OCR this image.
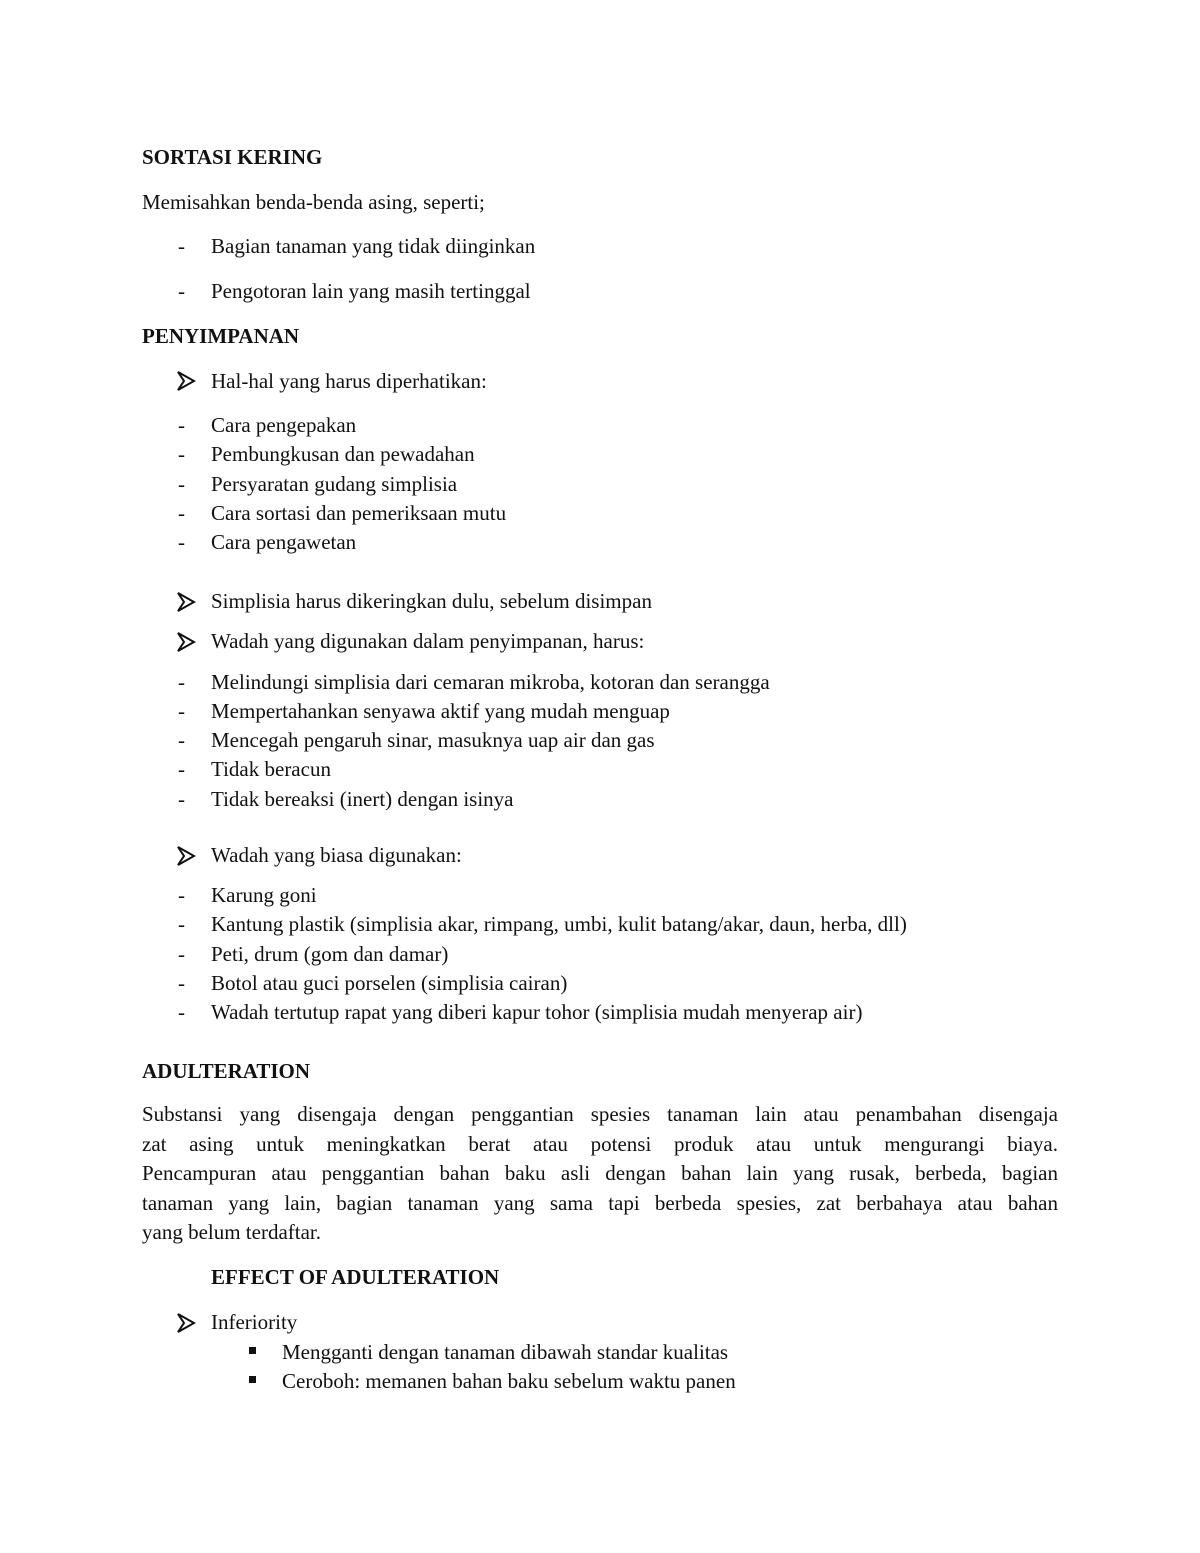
SORTASI KERING
Memisahkan benda-benda asing, seperti;
- Bagian tanaman yang tidak diinginkan
- Pengotoran lain yang masih tertinggal
PENYIMPANAN
Hal-hal yang harus diperhatikan:
- Cara pengepakan
- Pembungkusan dan pewadahan
- Persyaratan gudang simplisia
- Cara sortasi dan pemeriksaan mutu
- Cara pengawetan
Simplisia harus dikeringkan dulu, sebelum disimpan
Wadah yang digunakan dalam penyimpanan, harus:
- Melindungi simplisia dari cemaran mikroba, kotoran dan serangga
- Mempertahankan senyawa aktif yang mudah menguap
- Mencegah pengaruh sinar, masuknya uap air dan gas
- Tidak beracun
- Tidak bereaksi (inert) dengan isinya
Wadah yang biasa digunakan:
- Karung goni
- Kantung plastik (simplisia akar, rimpang, umbi, kulit batang/akar, daun, herba, dll)
- Peti, drum (gom dan damar)
- Botol atau guci porselen (simplisia cairan)
- Wadah tertutup rapat yang diberi kapur tohor (simplisia mudah menyerap air)
ADULTERATION
Substansi yang disengaja dengan penggantian spesies tanaman lain atau penambahan disengaja
zat asing untuk meningkatkan berat atau potensi produk atau untuk mengurangi biaya.
Pencampuran atau penggantian bahan baku asli dengan bahan lain yang rusak, berbeda, bagian
tanaman yang lain, bagian tanaman yang sama tapi berbeda spesies, zat berbahaya atau bahan
yang belum terdaftar.
EFFECT OF ADULTERATION
Inferiority
Mengganti dengan tanaman dibawah standar kualitas
Ceroboh: memanen bahan baku sebelum waktu panen
